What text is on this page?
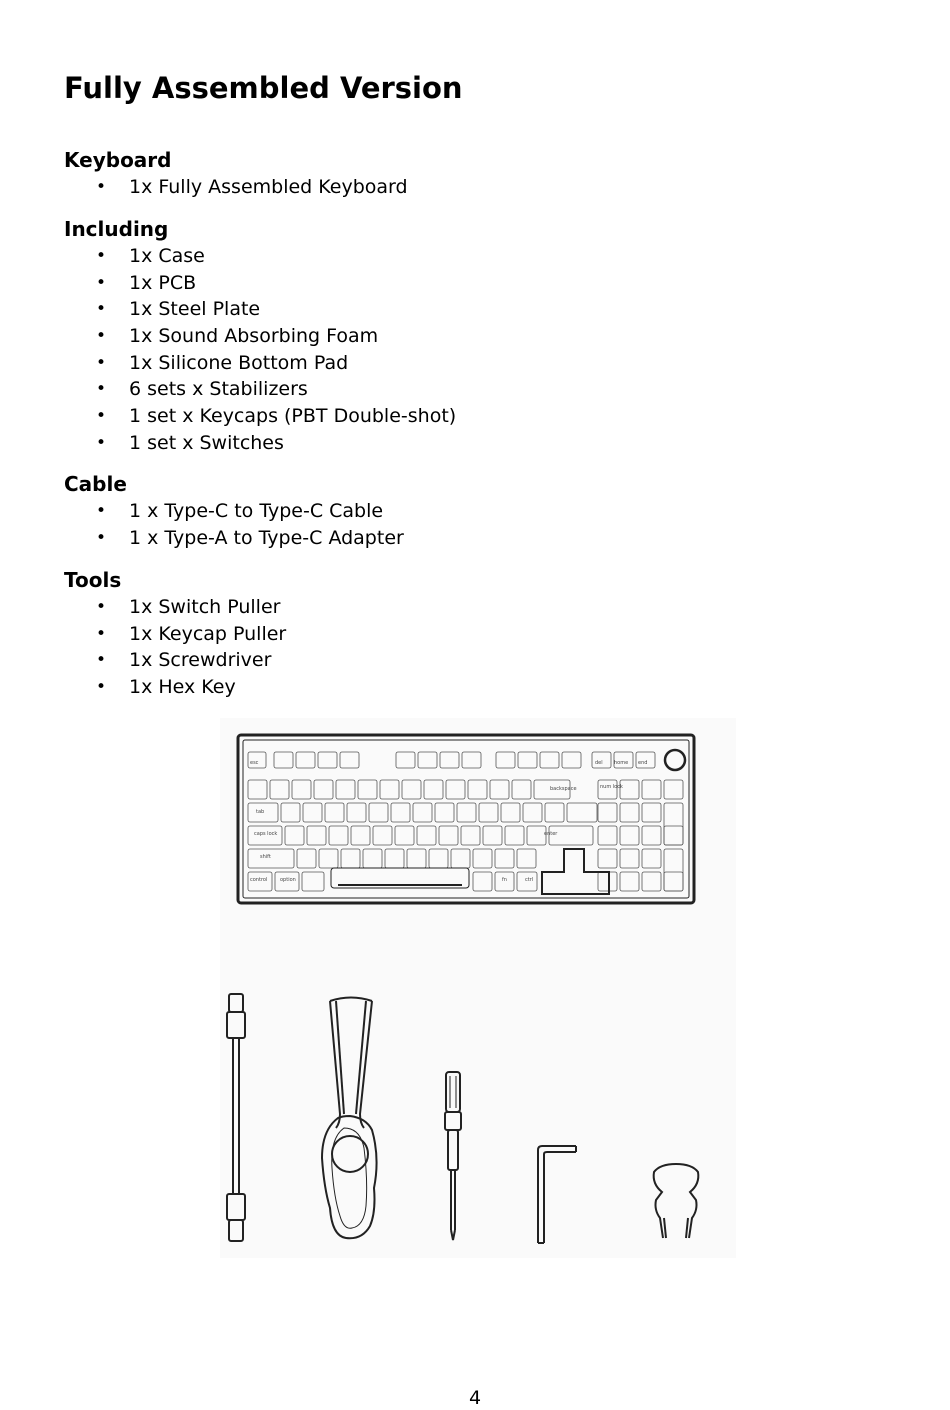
Fully Assembled Version
Keyboard
• 1x Fully Assembled Keyboard
Including
• 1x Case
• 1x PCB
• 1x Steel Plate
• 1x Sound Absorbing Foam
• 1x Silicone Bottom Pad
• 6 sets x Stabilizers
• 1 set x Keycaps (PBT Double-shot)
• 1 set x Switches
Cable
• 1 x Type-C to Type-C Cable
• 1 x Type-A to Type-C Adapter
Tools
• 1x Switch Puller
• 1x Keycap Puller
• 1x Screwdriver
• 1x Hex Key
esc	del home end
backspace	num lock
tab
caps lock	enter
shift
control	option	ctrl
fn
4
